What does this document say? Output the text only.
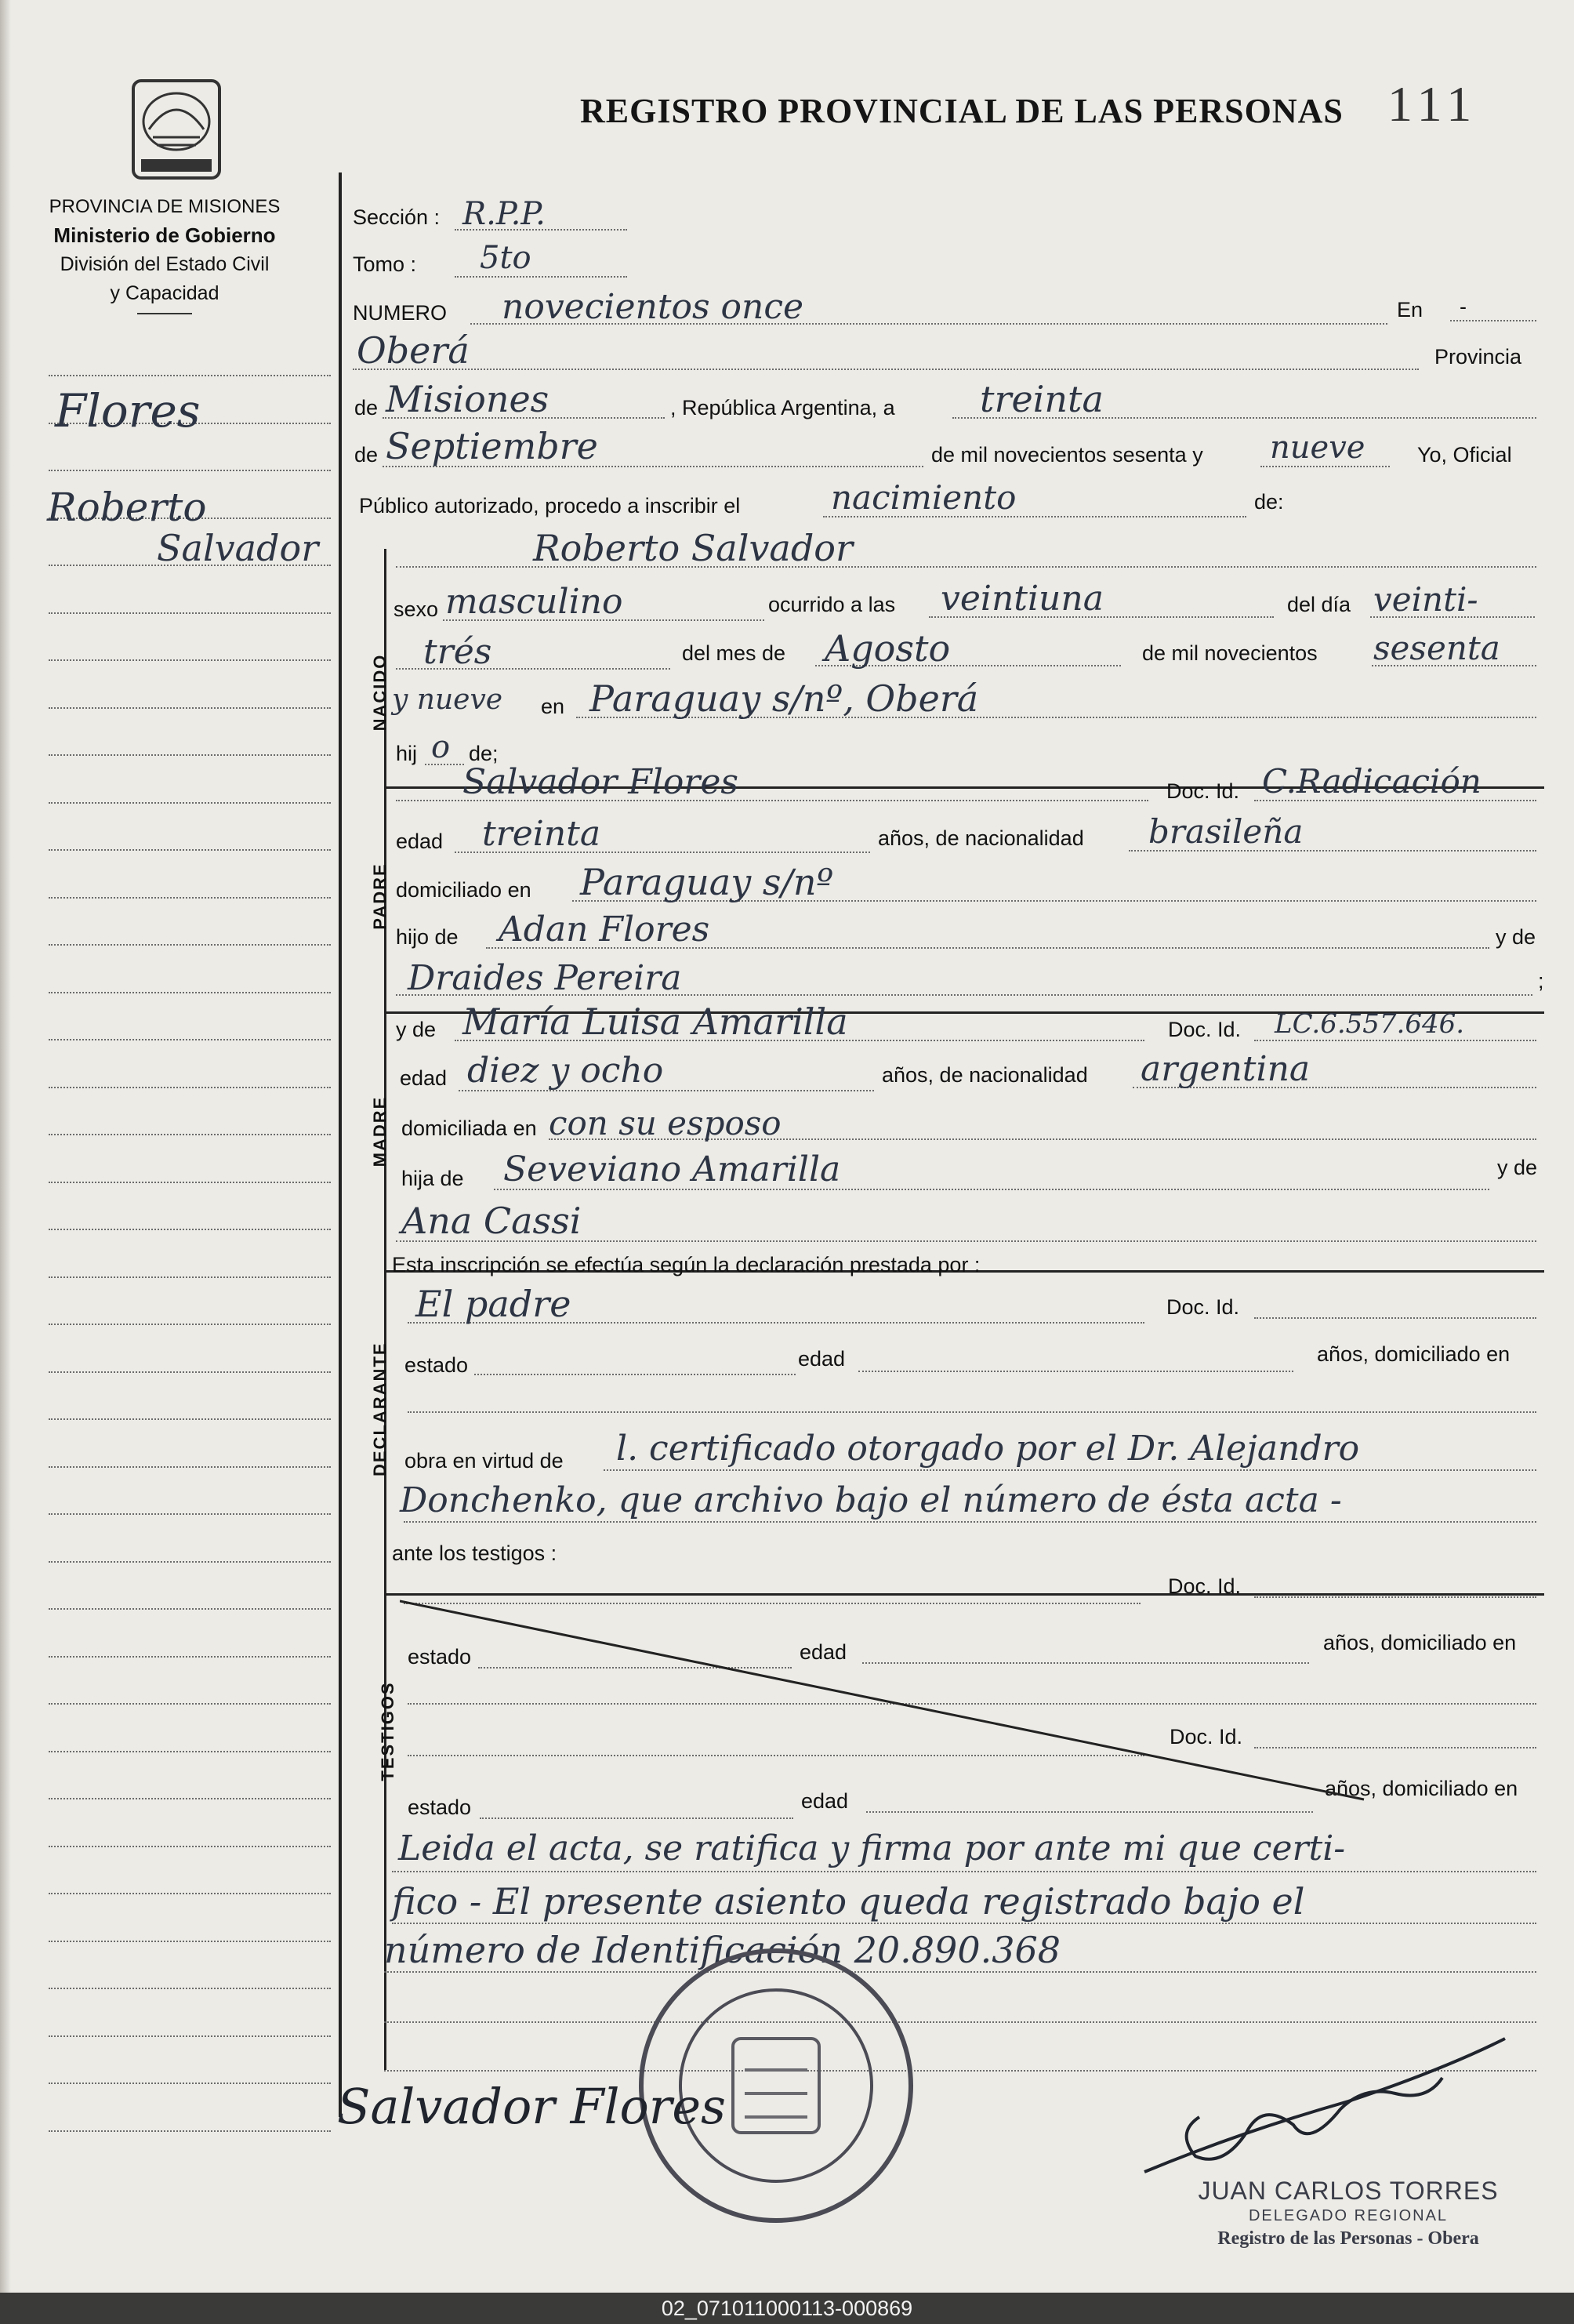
PROVINCIA DE MISIONES
Ministerio de Gobierno
División del Estado Civil
y Capacidad
REGISTRO PROVINCIAL DE LAS PERSONAS 111
Flores
Roberto
Salvador
Sección : R.P.P.
Tomo : 5to
NUMERO novecientos once	En -
Oberá	Provincia
de Misiones	, República Argentina, a treinta
de Septiembre	de mil novecientos sesenta y nueve Yo, Oficial
Público autorizado, procedo a inscribir el	nacimiento	de:
NACIDO
PADRE
MADRE
DECLARANTE
TESTIGOS
Roberto Salvador
sexo masculino	ocurrido a las veintiuna	del día veinti-
trés	del mes de Agosto	de mil novecientos sesenta
y nueve en Paraguay s/nº, Oberá
hij o de;
Salvador Flores	Doc. Id. C.Radicación
edad treinta	años, de nacionalidad brasileña
domiciliado en Paraguay s/nº
hijo de Adan Flores	y de
Draides Pereira	;
y de María Luisa Amarilla	Doc. Id. LC.6.557.646.
edad diez y ocho	años, de nacionalidad argentina
domiciliada en con su esposo
hija de Seveviano Amarilla	y de
Ana Cassi
Esta inscripción se efectúa según la declaración prestada por :
El padre	Doc. Id.
estado	edad	años, domiciliado en
obra en virtud de l. certificado otorgado por el Dr. Alejandro
Donchenko, que archivo bajo el número de ésta acta -
ante los testigos :
Doc. Id.
estado	edad	años, domiciliado en
Doc. Id.
estado	edad
años, domiciliado en
Leida el acta, se ratifica y firma por ante mi que certi-
fico - El presente asiento queda registrado bajo el
número de Identificación 20.890.368
Salvador Flores
JUAN CARLOS TORRES
DELEGADO REGIONAL
Registro de las Personas - Obera
02_071011000113-000869
